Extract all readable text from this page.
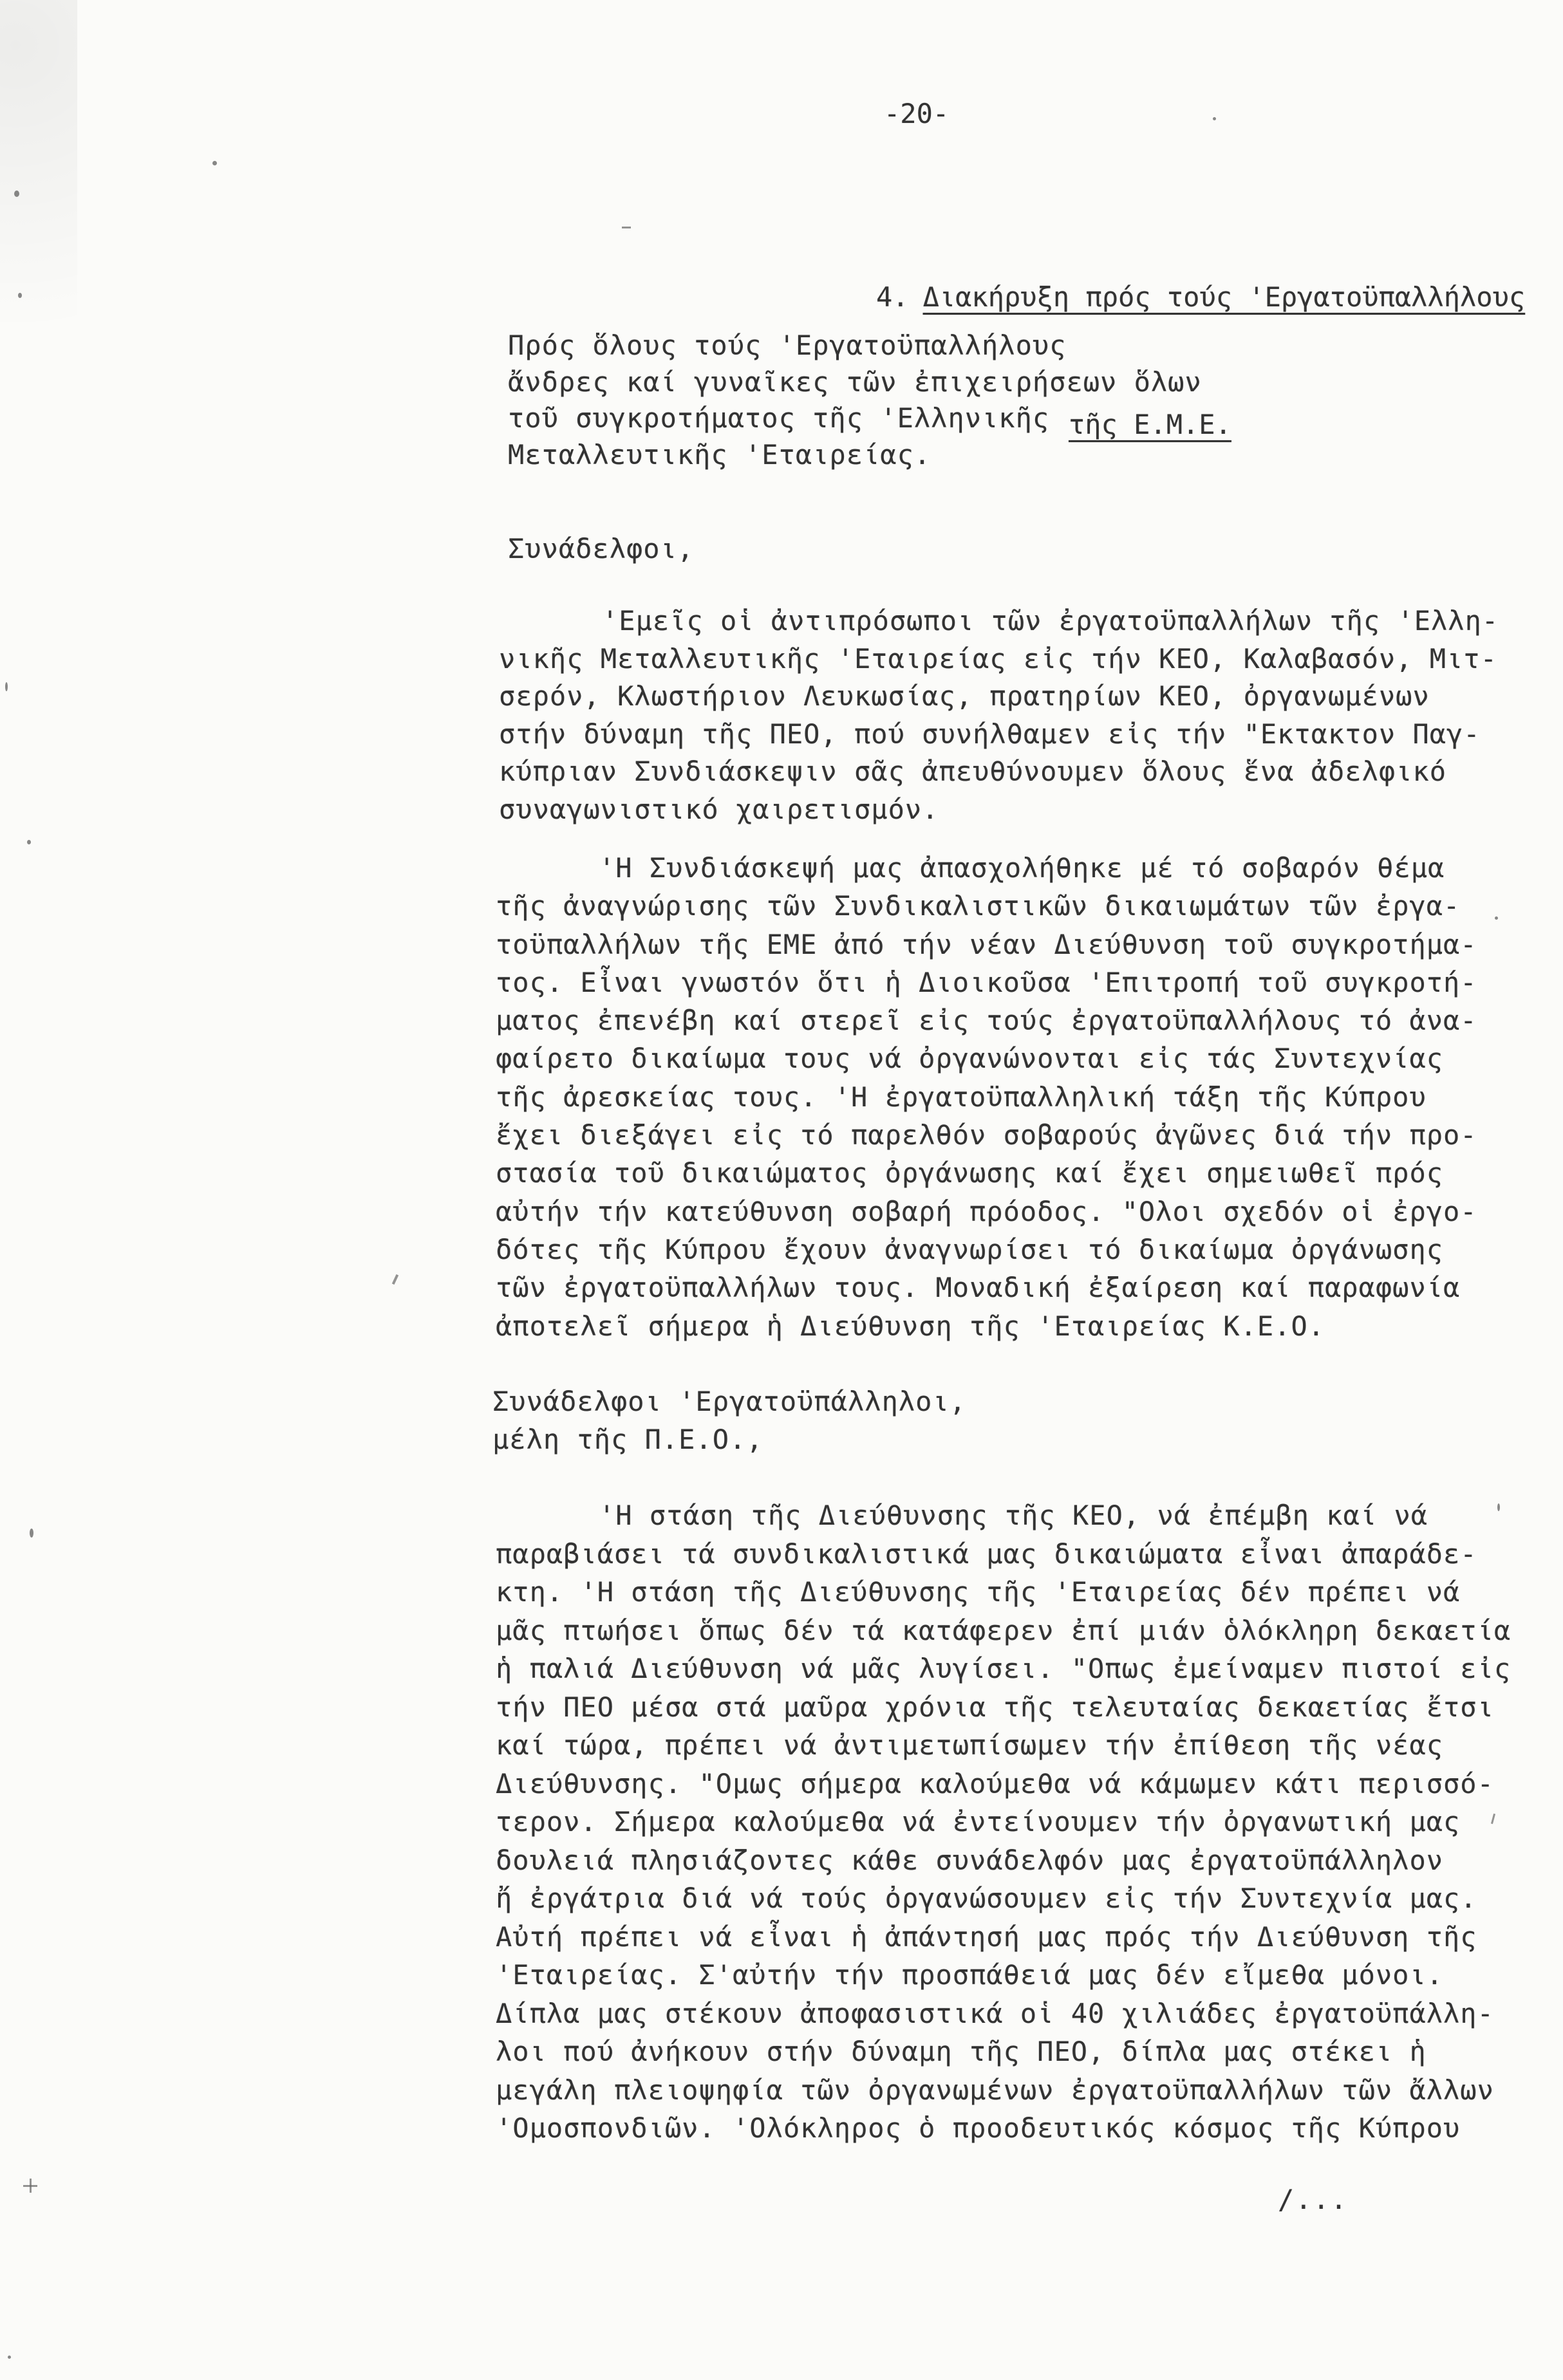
-20-

4. Διακήρυξη πρός τούς 'Εργατοϋπαλλήλους

τῆς Ε.Μ.Ε.

Πρός ὅλους τούς 'Εργατοϋπαλλήλους
ἄνδρες καί γυναῖκες τῶν ἐπιχειρήσεων ὅλων
τοῦ συγκροτήματος τῆς 'Ελληνικῆς
Μεταλλευτικῆς 'Εταιρείας.
Συνάδελφοι,
'Εμεῖς οἱ ἀντιπρόσωποι τῶν ἐργατοϋπαλλήλων τῆς 'Ελλη-
νικῆς Μεταλλευτικῆς 'Εταιρείας εἰς τήν ΚΕΟ, Καλαβασόν, Μιτ-
σερόν, Κλωστήριον Λευκωσίας, πρατηρίων ΚΕΟ, ὀργανωμένων
στήν δύναμη τῆς ΠΕΟ, πού συνήλθαμεν εἰς τήν "Εκτακτον Παγ-
κύπριαν Συνδιάσκεψιν σᾶς ἀπευθύνουμεν ὅλους ἕνα ἀδελφικό
συναγωνιστικό χαιρετισμόν.
'Η Συνδιάσκεψή μας ἀπασχολήθηκε μέ τό σοβαρόν θέμα
τῆς ἀναγνώρισης τῶν Συνδικαλιστικῶν δικαιωμάτων τῶν ἐργα-
τοϋπαλλήλων τῆς ΕΜΕ ἀπό τήν νέαν Διεύθυνση τοῦ συγκροτήμα-
τος. Εἶναι γνωστόν ὅτι ἡ Διοικοῦσα 'Επιτροπή τοῦ συγκροτή-
ματος ἐπενέβη καί στερεῖ εἰς τούς ἐργατοϋπαλλήλους τό ἀνα-
φαίρετο δικαίωμα τους νά ὀργανώνονται εἰς τάς Συντεχνίας
τῆς ἀρεσκείας τους. 'Η ἐργατοϋπαλληλική τάξη τῆς Κύπρου
ἔχει διεξάγει εἰς τό παρελθόν σοβαρούς ἀγῶνες διά τήν προ-
στασία τοῦ δικαιώματος ὀργάνωσης καί ἔχει σημειωθεῖ πρός
αὐτήν τήν κατεύθυνση σοβαρή πρόοδος. "Ολοι σχεδόν οἱ ἐργο-
δότες τῆς Κύπρου ἔχουν ἀναγνωρίσει τό δικαίωμα ὀργάνωσης
τῶν ἐργατοϋπαλλήλων τους. Μοναδική ἐξαίρεση καί παραφωνία
ἀποτελεῖ σήμερα ἡ Διεύθυνση τῆς 'Εταιρείας Κ.Ε.Ο.
Συνάδελφοι 'Εργατοϋπάλληλοι,
μέλη τῆς Π.Ε.Ο.,
'Η στάση τῆς Διεύθυνσης τῆς ΚΕΟ, νά ἐπέμβη καί νά
παραβιάσει τά συνδικαλιστικά μας δικαιώματα εἶναι ἀπαράδε-
κτη. 'Η στάση τῆς Διεύθυνσης τῆς 'Εταιρείας δέν πρέπει νά
μᾶς πτωήσει ὅπως δέν τά κατάφερεν ἐπί μιάν ὁλόκληρη δεκαετία
ἡ παλιά Διεύθυνση νά μᾶς λυγίσει. "Οπως ἐμείναμεν πιστοί εἰς
τήν ΠΕΟ μέσα στά μαῦρα χρόνια τῆς τελευταίας δεκαετίας ἔτσι
καί τώρα, πρέπει νά ἀντιμετωπίσωμεν τήν ἐπίθεση τῆς νέας
Διεύθυνσης. "Ομως σήμερα καλούμεθα νά κάμωμεν κάτι περισσό-
τερον. Σήμερα καλούμεθα νά ἐντείνουμεν τήν ὀργανωτική μας
δουλειά πλησιάζοντες κάθε συνάδελφόν μας ἐργατοϋπάλληλον
ἤ ἐργάτρια διά νά τούς ὀργανώσουμεν εἰς τήν Συντεχνία μας.
Αὐτή πρέπει νά εἶναι ἡ ἀπάντησή μας πρός τήν Διεύθυνση τῆς
'Εταιρείας. Σ'αὐτήν τήν προσπάθειά μας δέν εἴμεθα μόνοι.
Δίπλα μας στέκουν ἀποφασιστικά οἱ 40 χιλιάδες ἐργατοϋπάλλη-
λοι πού ἀνήκουν στήν δύναμη τῆς ΠΕΟ, δίπλα μας στέκει ἡ
μεγάλη πλειοψηφία τῶν ὀργανωμένων ἐργατοϋπαλλήλων τῶν ἄλλων
'Ομοσπονδιῶν. 'Ολόκληρος ὁ προοδευτικός κόσμος τῆς Κύπρου
/...
